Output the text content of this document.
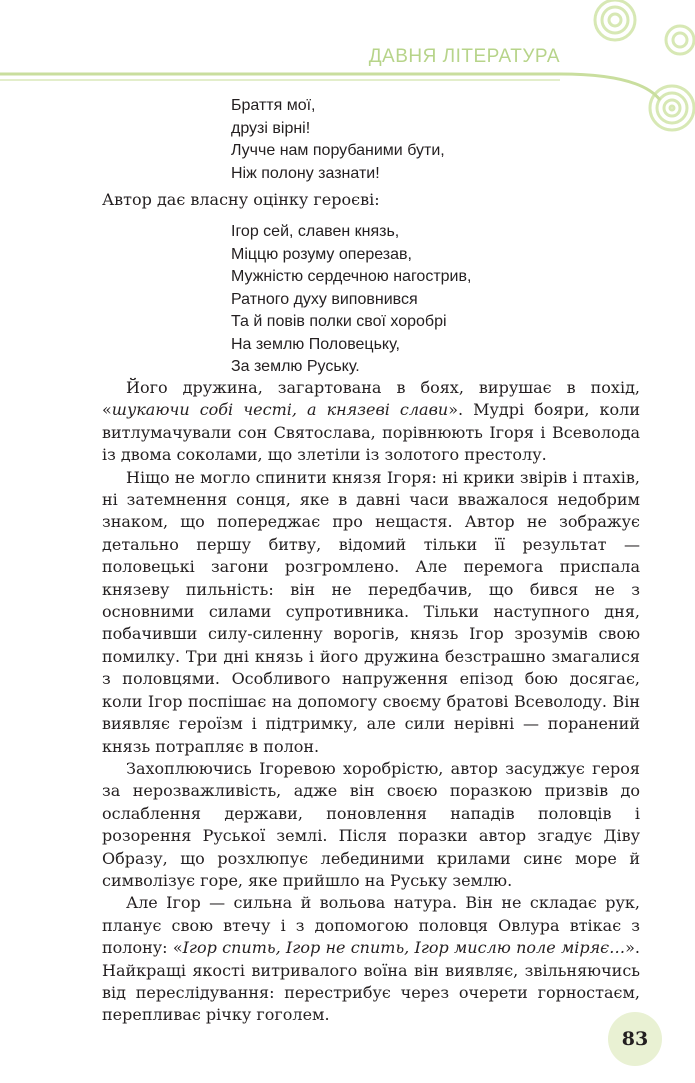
ДАВНЯ ЛІТЕРАТУРА
Браття мої,
друзі вірні!
Лучче нам порубаними бути,
Ніж полону зазнати!
Автор дає власну оцінку героєві:
Ігор сей, славен князь,
Міццю розуму оперезав,
Мужністю сердечною нагострив,
Ратного духу виповнився
Та й повів полки свої хоробрі
На землю Половецьку,
За землю Руську.

Його дружина, загартована в боях, вирушає в похід, «шукаючи собі честі, а князеві слави». Мудрі бояри, коли витлумачували сон Святослава, порівнюють Ігоря і Всеволода із двома соколами, що злетіли із золотого престолу.

Ніщо не могло спинити князя Ігоря: ні крики звірів і птахів, ні затемнення сонця, яке в давні часи вважалося недобрим знаком, що попереджає про нещастя. Автор не зображує детально першу битву, відомий тільки її результат — половецькі загони розгромлено. Але перемога приспала князеву пильність: він не передбачив, що бився не з основними силами супротивника. Тільки наступного дня, побачивши силу-силенну ворогів, князь Ігор зрозумів свою помилку. Три дні князь і його дружина безстрашно змагалися з половцями. Особливого напруження епізод бою досягає, коли Ігор поспішає на допомогу своєму братові Всеволоду. Він виявляє героїзм і підтримку, але сили нерівні — поранений князь потрапляє в полон.

Захоплюючись Ігоревою хоробрістю, автор засуджує героя за нерозважливість, адже він своєю поразкою призвів до ослаблення держави, поновлення нападів половців і розорення Руської землі. Після поразки автор згадує Діву Образу, що розхлюпує лебединими крилами синє море й символізує горе, яке прийшло на Руську землю.

Але Ігор — сильна й вольова натура. Він не складає рук, планує свою втечу і з допомогою половця Овлура втікає з полону: «Ігор спить, Ігор не спить, Ігор мислю поле міряє…». Найкращі якості витривалого воїна він виявляє, звільняючись від переслідування: перестрибує через очерети горностаєм, перепливає річку гоголем.

83
